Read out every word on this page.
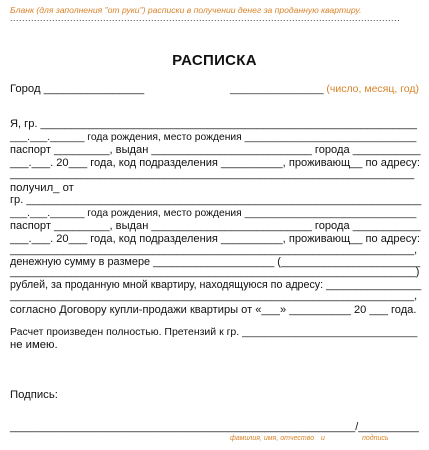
Бланк (для заполнения "от руки") расписки в получении денег за проданную квартиру.
..................................................................................................................................
РАСПИСКА
Город ________________	________________ (число, месяц, год)
Я, гр. _____________________________________________________________
___.___.______ года рождения, место рождения ______________________________
паспорт _________, выдан __________________________ города ___________
___.___. 20___ года, код подразделения __________, проживающ__ по адресу:
____________________________________________________________________
получил_ от
гр. ________________________________________________________________
___.___.______ года рождения, место рождения ______________________________
паспорт _________, выдан __________________________ города ___________
___.___. 20___ года, код подразделения __________, проживающ__ по адресу:
____________________________________________________________________,
денежную сумму в размере ____________________ (_______________________
___________________________________________________________________)
рублей, за проданную мной квартиру, находящуюся по адресу: ________________
____________________________________________________________________,
согласно Договору купли-продажи квартиры от «___» __________ 20 ___ года.
Расчет произведен полностью. Претензий к гр. ______________________________
не имею.
Подпись:
_________________________________________________________/__________
фамилия, имя, отчество и	подпись
